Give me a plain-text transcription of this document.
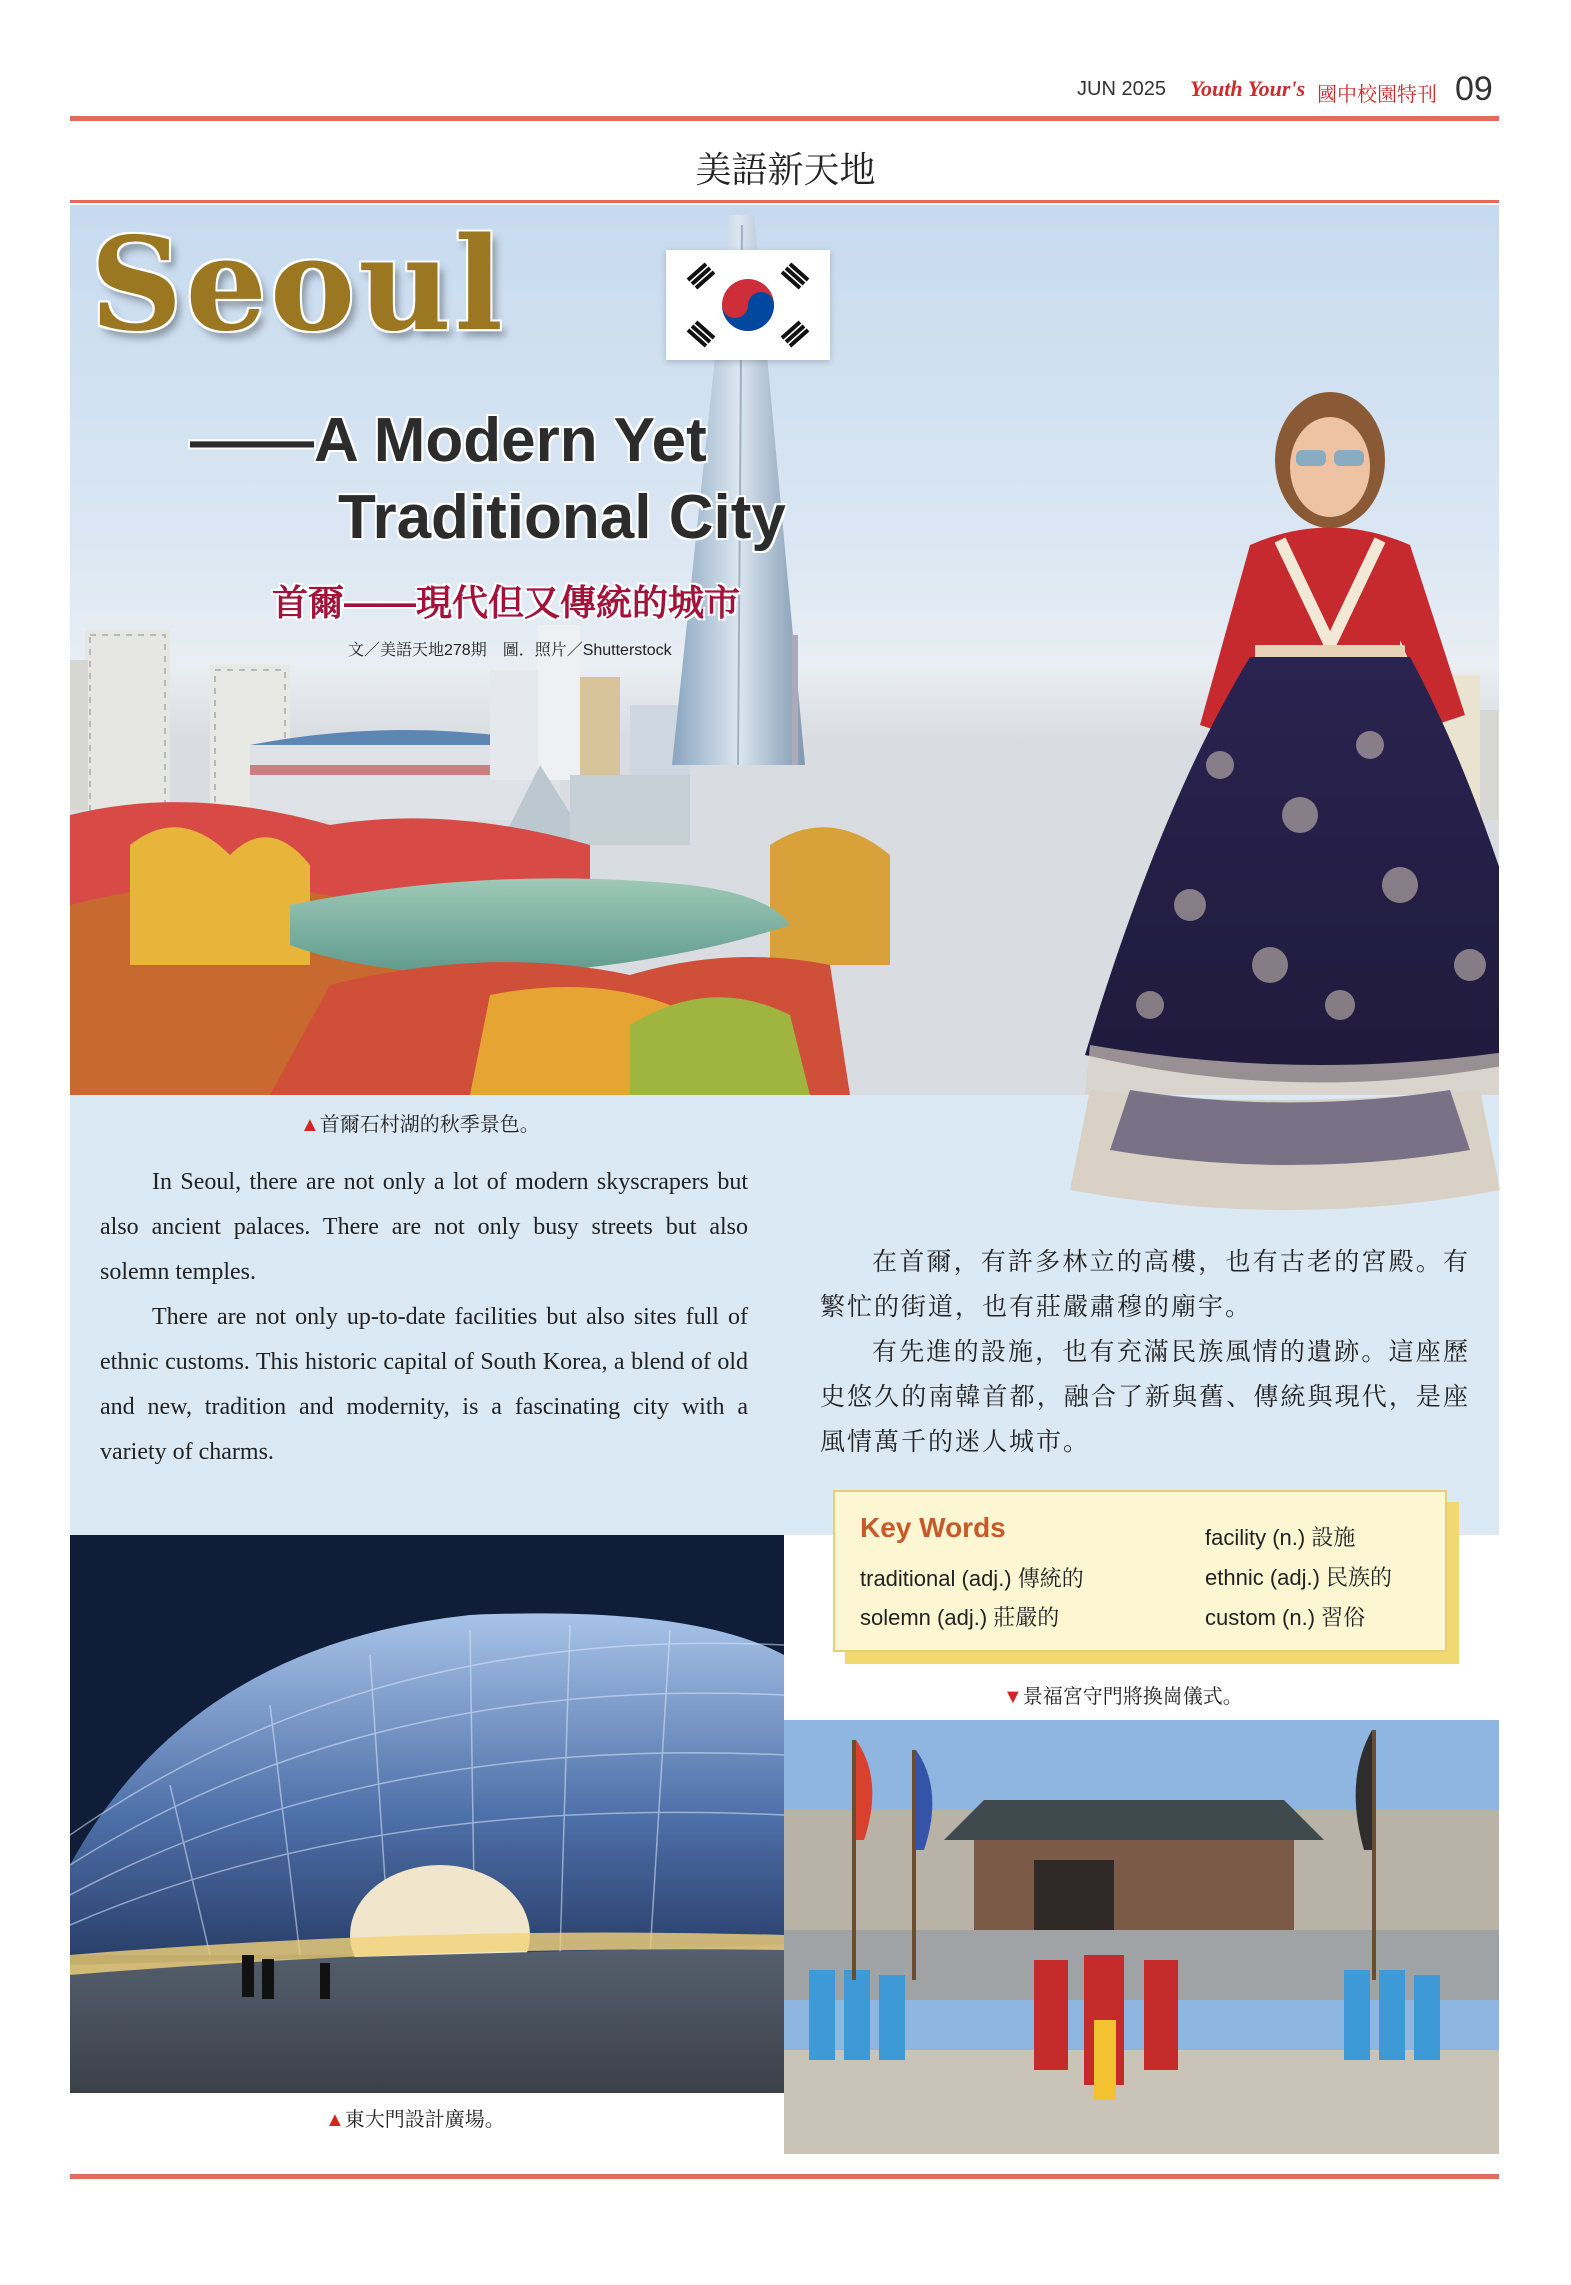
JUN 2025 Youth Your's 國中校園特刊 09
美語新天地
Seoul
——A Modern Yet
Traditional City
首爾——現代但又傳統的城市
文／美語天地278期　圖．照片／Shutterstock
▲首爾石村湖的秋季景色。

In Seoul, there are not only a lot of modern skyscrapers but also ancient palaces. There are not only busy streets but also solemn temples.

There are not only up-to-date facilities but also sites full of ethnic customs. This historic capital of South Korea, a blend of old and new, tradition and modernity, is a fascinating city with a variety of charms.

在首爾，有許多林立的高樓，也有古老的宮殿。有繁忙的街道，也有莊嚴肅穆的廟宇。

有先進的設施，也有充滿民族風情的遺跡。這座歷史悠久的南韓首都，融合了新與舊、傳統與現代，是座風情萬千的迷人城市。

Key Words
traditional (adj.) 傳統的
solemn (adj.) 莊嚴的
facility (n.) 設施
ethnic (adj.) 民族的
custom (n.) 習俗
▼景福宮守門將換崗儀式。
▲東大門設計廣場。
